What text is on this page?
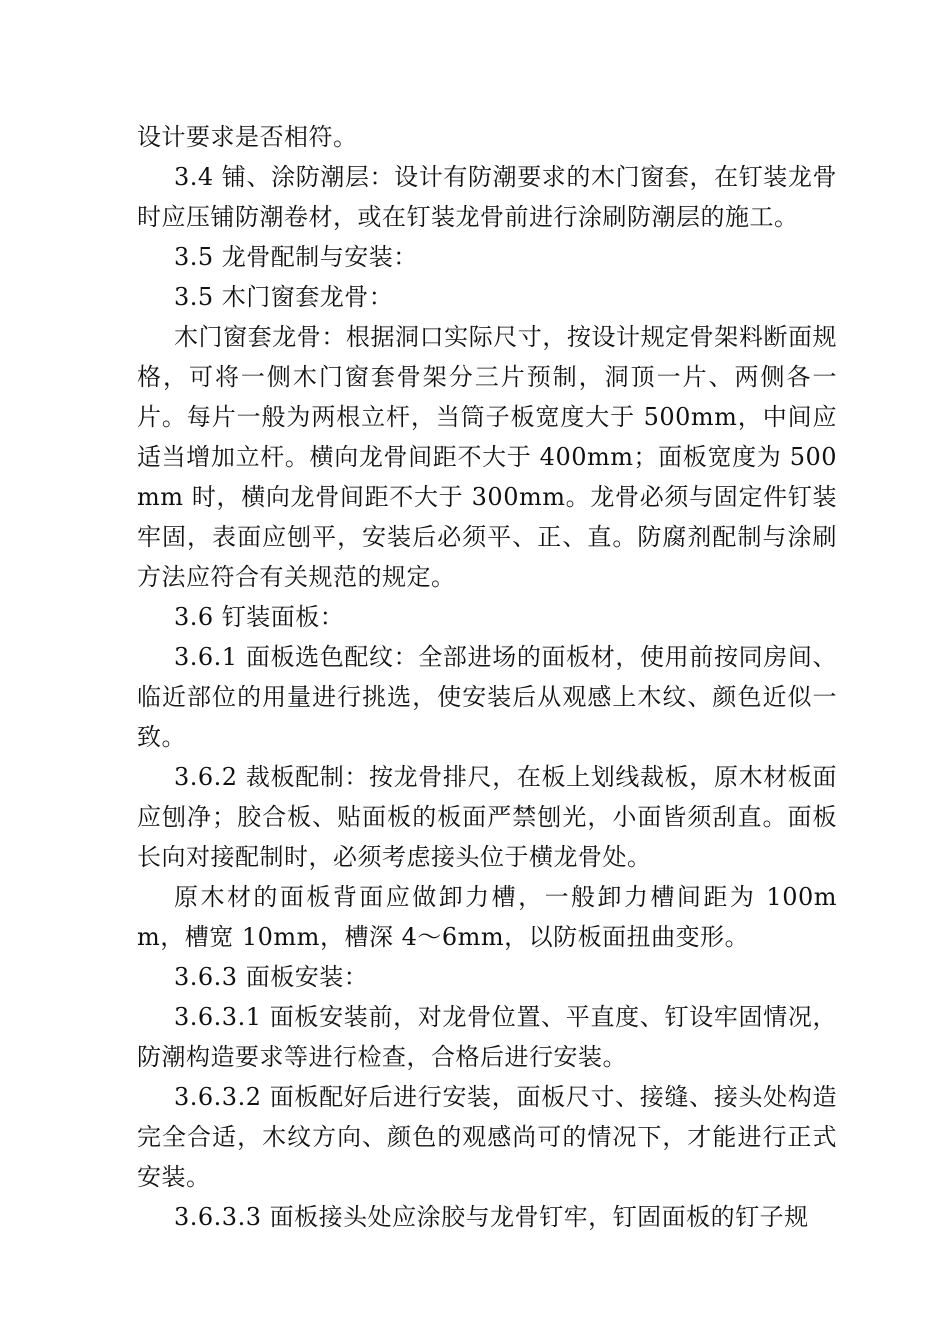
设计要求是否相符。

3.4 铺、涂防潮层：设计有防潮要求的木门窗套，在钉装龙骨时应压铺防潮卷材，或在钉装龙骨前进行涂刷防潮层的施工。

3.5 龙骨配制与安装：

3.5 木门窗套龙骨：

木门窗套龙骨：根据洞口实际尺寸，按设计规定骨架料断面规格，可将一侧木门窗套骨架分三片预制，洞顶一片、两侧各一片。每片一般为两根立杆，当筒子板宽度大于 500mm，中间应适当增加立杆。横向龙骨间距不大于 400mm；面板宽度为 500mm 时，横向龙骨间距不大于 300mm。龙骨必须与固定件钉装牢固，表面应刨平，安装后必须平、正、直。防腐剂配制与涂刷方法应符合有关规范的规定。

3.6 钉装面板：

3.6.1 面板选色配纹：全部进场的面板材，使用前按同房间、临近部位的用量进行挑选，使安装后从观感上木纹、颜色近似一致。

3.6.2 裁板配制：按龙骨排尺，在板上划线裁板，原木材板面应刨净；胶合板、贴面板的板面严禁刨光，小面皆须刮直。面板长向对接配制时，必须考虑接头位于横龙骨处。

原木材的面板背面应做卸力槽，一般卸力槽间距为 100mm，槽宽 10mm，槽深 4～6mm，以防板面扭曲变形。

3.6.3 面板安装：

3.6.3.1 面板安装前，对龙骨位置、平直度、钉设牢固情况，防潮构造要求等进行检查，合格后进行安装。

3.6.3.2 面板配好后进行安装，面板尺寸、接缝、接头处构造完全合适，木纹方向、颜色的观感尚可的情况下，才能进行正式安装。

3.6.3.3 面板接头处应涂胶与龙骨钉牢，钉固面板的钉子规
